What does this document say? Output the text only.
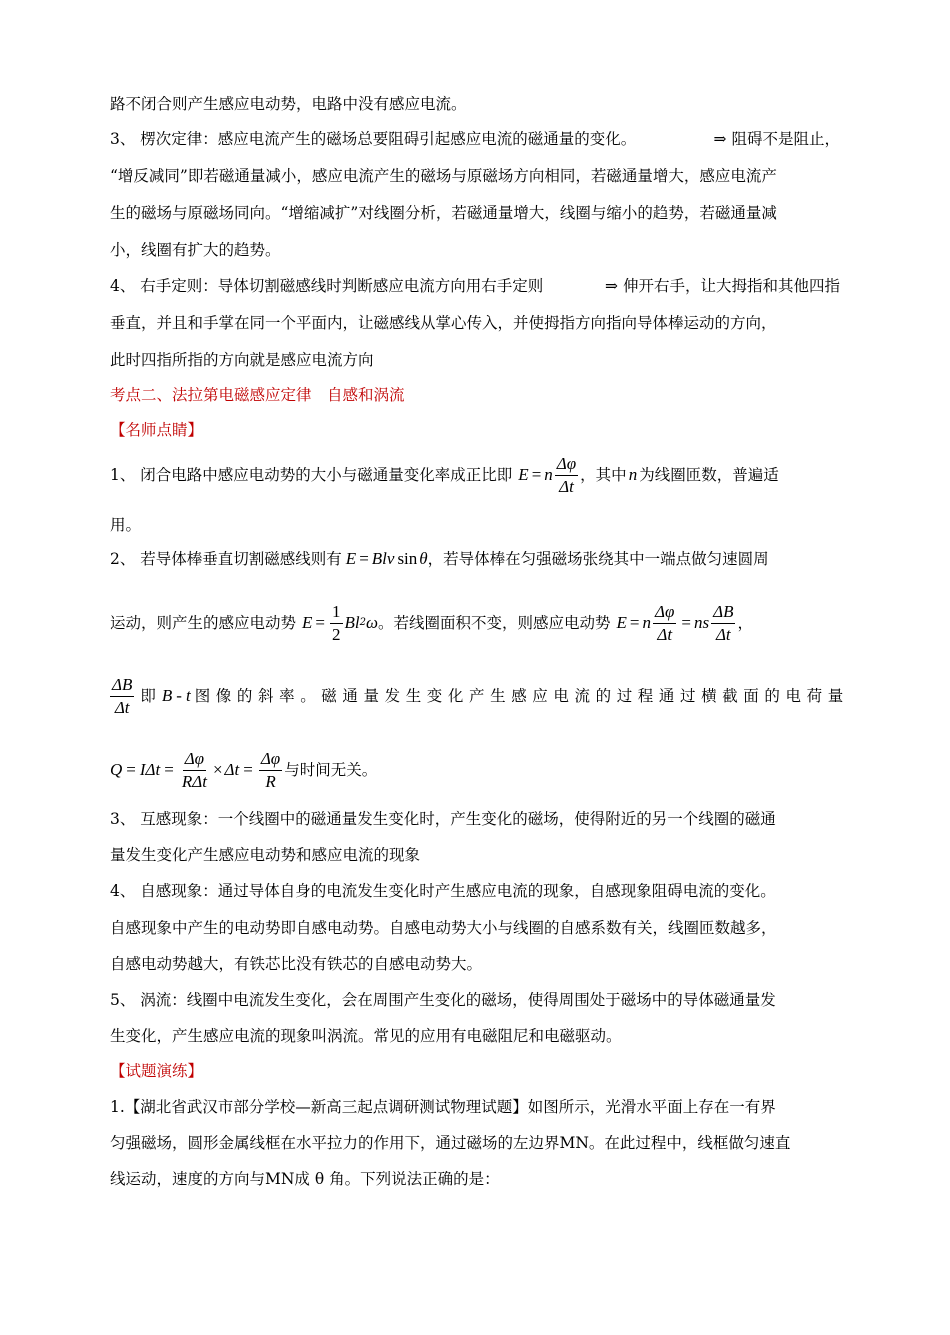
路不闭合则产生感应电动势，电路中没有感应电流。
3、 楞次定律：感应电流产生的磁场总要阻碍引起感应电流的磁通量的变化。	⇒ 阻碍不是阻止，
“增反减同”即若磁通量减小，感应电流产生的磁场与原磁场方向相同，若磁通量增大，感应电流产
生的磁场与原磁场同向。“增缩减扩”对线圈分析，若磁通量增大，线圈与缩小的趋势，若磁通量减
小，线圈有扩大的趋势。
4、 右手定则：导体切割磁感线时判断感应电流方向用右手定则	⇒ 伸开右手，让大拇指和其他四指
垂直，并且和手掌在同一个平面内，让磁感线从掌心传入，并使拇指方向指向导体棒运动的方向，
此时四指所指的方向就是感应电流方向
考点二、法拉第电磁感应定律　自感和涡流
【名师点睛】
1、 闭合电路中感应电动势的大小与磁通量变化率成正比即 E = n $\frac{\Delta\varphi}{\Delta t}$ ，其中 n 为线圈匝数，普遍适
用。
2、 若导体棒垂直切割磁感线则有 E = Blv sin θ ，若导体棒在匀强磁场张绕其中一端点做匀速圆周
运动，则产生的感应电动势 $E = \frac{1}{2}$ Bl 2 ω 。若线圈面积不变，则感应电动势 E = n $\frac{\Delta\varphi}{\Delta t}$ = ns $\frac{\Delta B}{\Delta t}$ ，
$\frac{\Delta B}{\Delta t}$ 即 B - t 图像的斜率。磁通量发生变化产生感应电流的过程通过横截面的电荷量
Q = I $\Delta t = \frac{\Delta\varphi}{\text{RΔt}} \times \Delta t = \frac{\Delta\varphi}{R}$ 与时间无关。
3、 互感现象：一个线圈中的磁通量发生变化时，产生变化的磁场，使得附近的另一个线圈的磁通
量发生变化产生感应电动势和感应电流的现象
4、 自感现象：通过导体自身的电流发生变化时产生感应电流的现象，自感现象阻碍电流的变化。
自感现象中产生的电动势即自感电动势。自感电动势大小与线圈的自感系数有关，线圈匝数越多，
自感电动势越大，有铁芯比没有铁芯的自感电动势大。
5、 涡流：线圈中电流发生变化，会在周围产生变化的磁场，使得周围处于磁场中的导体磁通量发
生变化，产生感应电流的现象叫涡流。常见的应用有电磁阻尼和电磁驱动。
【试题演练】
1.【湖北省武汉市部分学校—新高三起点调研测试物理试题】如图所示，光滑水平面上存在一有界
匀强磁场，圆形金属线框在水平拉力的作用下，通过磁场的左边界MN。在此过程中，线框做匀速直
线运动，速度的方向与MN成 θ 角。下列说法正确的是：
